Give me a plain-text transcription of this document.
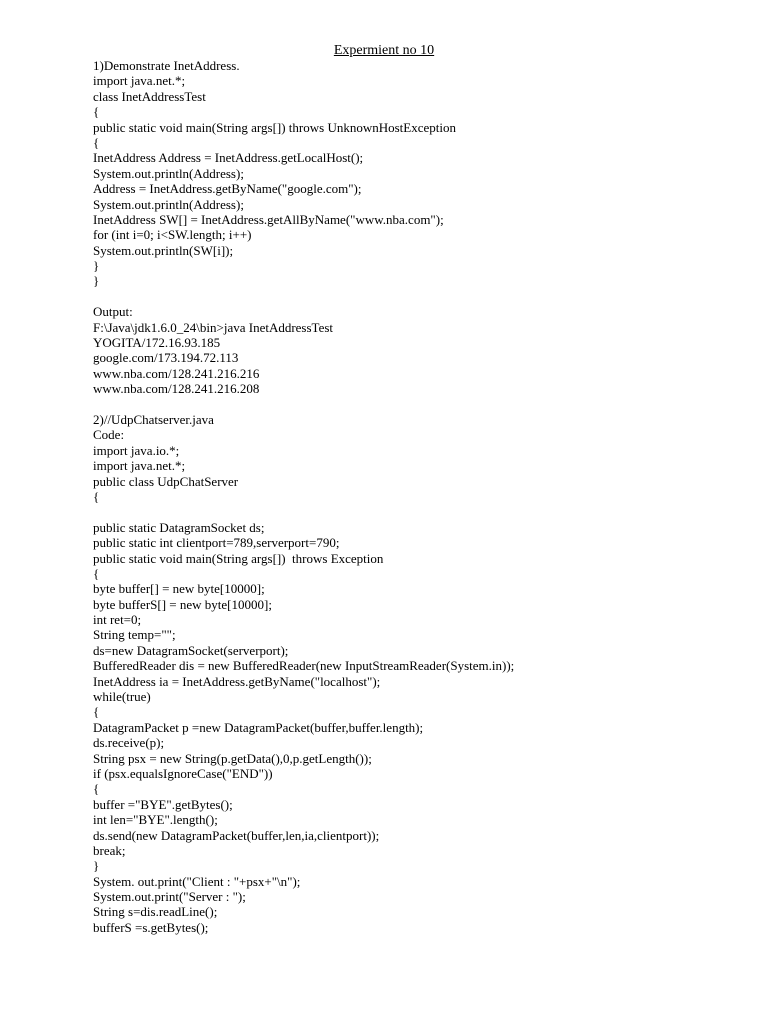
Expermient no 10
1)Demonstrate InetAddress.
import java.net.*;
class InetAddressTest
{
public static void main(String args[]) throws UnknownHostException
{
InetAddress Address = InetAddress.getLocalHost();
System.out.println(Address);
Address = InetAddress.getByName("google.com");
System.out.println(Address);
InetAddress SW[] = InetAddress.getAllByName("www.nba.com");
for (int i=0; i<SW.length; i++)
System.out.println(SW[i]);
}
}
Output:
F:\Java\jdk1.6.0_24\bin>java InetAddressTest
YOGITA/172.16.93.185
google.com/173.194.72.113
www.nba.com/128.241.216.216
www.nba.com/128.241.216.208
2)//UdpChatserver.java
Code:
import java.io.*;
import java.net.*;
public class UdpChatServer
{
public static DatagramSocket ds;
public static int clientport=789,serverport=790;
public static void main(String args[])  throws Exception
{
byte buffer[] = new byte[10000];
byte bufferS[] = new byte[10000];
int ret=0;
String temp="";
ds=new DatagramSocket(serverport);
BufferedReader dis = new BufferedReader(new InputStreamReader(System.in));
InetAddress ia = InetAddress.getByName("localhost");
while(true)
{
DatagramPacket p =new DatagramPacket(buffer,buffer.length);
ds.receive(p);
String psx = new String(p.getData(),0,p.getLength());
if (psx.equalsIgnoreCase("END"))
{
buffer ="BYE".getBytes();
int len="BYE".length();
ds.send(new DatagramPacket(buffer,len,ia,clientport));
break;
}
System. out.print("Client : "+psx+"\n");
System.out.print("Server : ");
String s=dis.readLine();
bufferS =s.getBytes();
